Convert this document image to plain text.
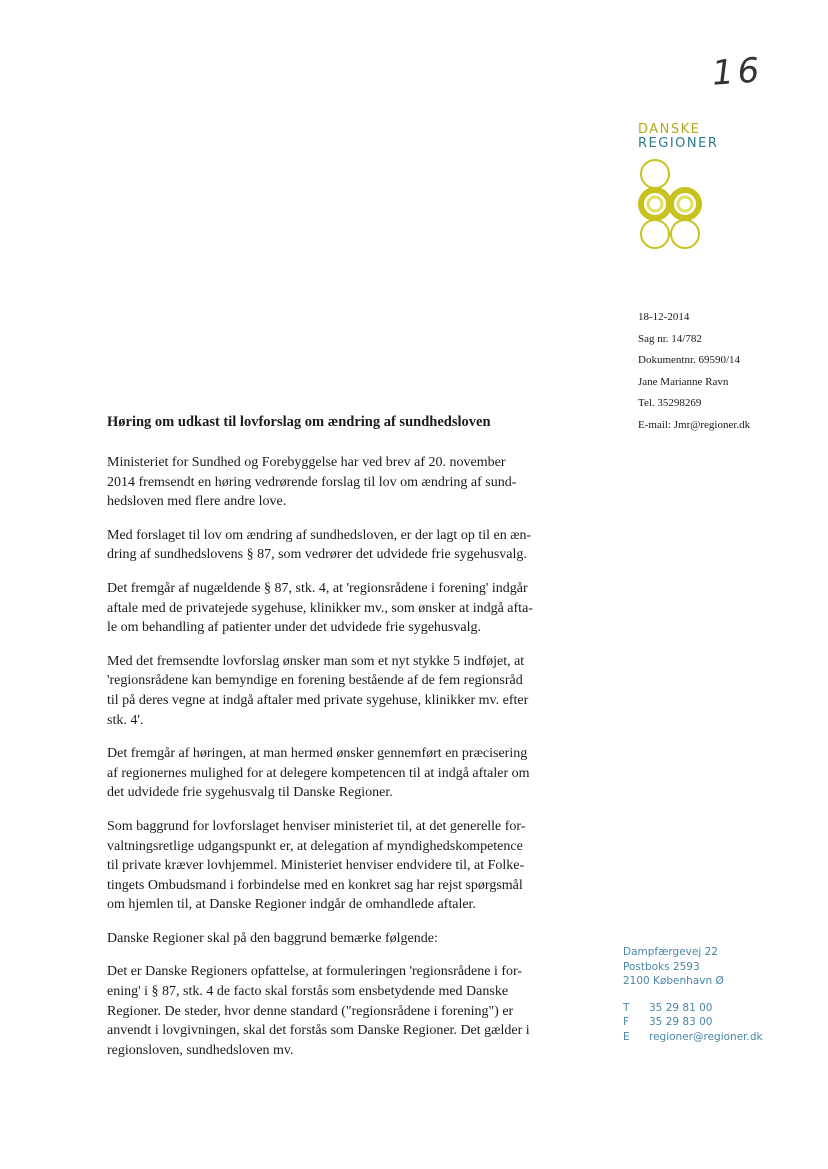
16
DANSKE
REGIONER
18-12-2014
Sag nr. 14/782
Dokumentnr. 69590/14
Jane Marianne Ravn
Tel. 35298269
E-mail: Jmr@regioner.dk
Høring om udkast til lovforslag om ændring af sundhedsloven
Ministeriet for Sundhed og Forebyggelse har ved brev af 20. november
2014 fremsendt en høring vedrørende forslag til lov om ændring af sund-
hedsloven med flere andre love.
Med forslaget til lov om ændring af sundhedsloven, er der lagt op til en æn-
dring af sundhedslovens § 87, som vedrører det udvidede frie sygehusvalg.
Det fremgår af nugældende § 87, stk. 4, at 'regionsrådene i forening' indgår
aftale med de privatejede sygehuse, klinikker mv., som ønsker at indgå afta-
le om behandling af patienter under det udvidede frie sygehusvalg.
Med det fremsendte lovforslag ønsker man som et nyt stykke 5 indføjet, at
'regionsrådene kan bemyndige en forening bestående af de fem regionsråd
til på deres vegne at indgå aftaler med private sygehuse, klinikker mv. efter
stk. 4'.
Det fremgår af høringen, at man hermed ønsker gennemført en præcisering
af regionernes mulighed for at delegere kompetencen til at indgå aftaler om
det udvidede frie sygehusvalg til Danske Regioner.
Som baggrund for lovforslaget henviser ministeriet til, at det generelle for-
valtningsretlige udgangspunkt er, at delegation af myndighedskompetence
til private kræver lovhjemmel. Ministeriet henviser endvidere til, at Folke-
tingets Ombudsmand i forbindelse med en konkret sag har rejst spørgsmål
om hjemlen til, at Danske Regioner indgår de omhandlede aftaler.
Danske Regioner skal på den baggrund bemærke følgende:
Det er Danske Regioners opfattelse, at formuleringen 'regionsrådene i for-
ening' i § 87, stk. 4 de facto skal forstås som ensbetydende med Danske
Regioner. De steder, hvor denne standard ("regionsrådene i forening") er
anvendt i lovgivningen, skal det forstås som Danske Regioner. Det gælder i
regionsloven, sundhedsloven mv.
Dampfærgevej 22
Postboks 2593
2100 København Ø
T	35 29 81 00
F	35 29 83 00
E	regioner@regioner.dk
